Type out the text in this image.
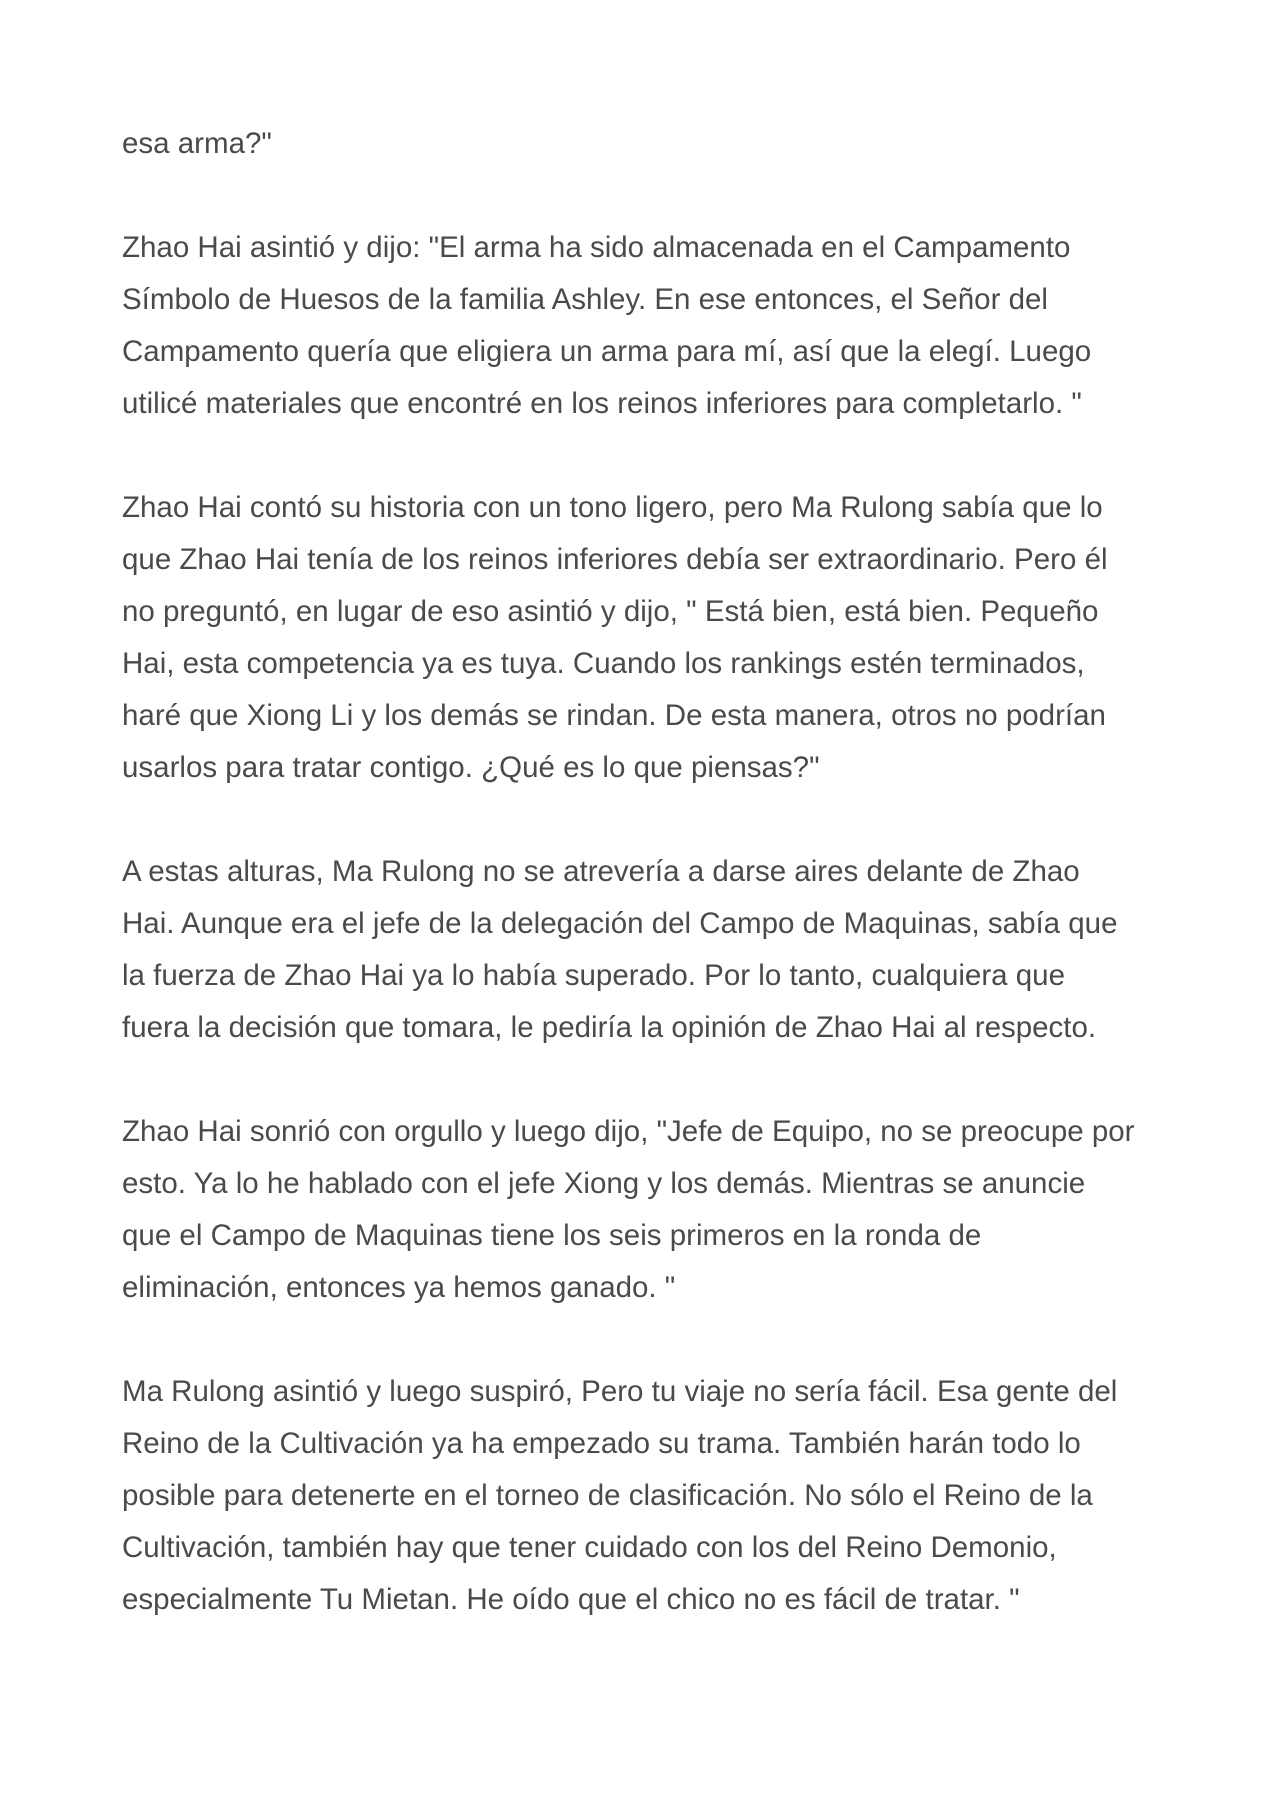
esa arma?"

Zhao Hai asintió y dijo: "El arma ha sido almacenada en el Campamento
Símbolo de Huesos de la familia Ashley. En ese entonces, el Señor del
Campamento quería que eligiera un arma para mí, así que la elegí. Luego
utilicé materiales que encontré en los reinos inferiores para completarlo. "

Zhao Hai contó su historia con un tono ligero, pero Ma Rulong sabía que lo
que Zhao Hai tenía de los reinos inferiores debía ser extraordinario. Pero él
no preguntó, en lugar de eso asintió y dijo, " Está bien, está bien. Pequeño
Hai, esta competencia ya es tuya. Cuando los rankings estén terminados,
haré que Xiong Li y los demás se rindan. De esta manera, otros no podrían
usarlos para tratar contigo. ¿Qué es lo que piensas?"

A estas alturas, Ma Rulong no se atrevería a darse aires delante de Zhao
Hai. Aunque era el jefe de la delegación del Campo de Maquinas, sabía que
la fuerza de Zhao Hai ya lo había superado. Por lo tanto, cualquiera que
fuera la decisión que tomara, le pediría la opinión de Zhao Hai al respecto.

Zhao Hai sonrió con orgullo y luego dijo, "Jefe de Equipo, no se preocupe por
esto. Ya lo he hablado con el jefe Xiong y los demás. Mientras se anuncie
que el Campo de Maquinas tiene los seis primeros en la ronda de
eliminación, entonces ya hemos ganado. "

Ma Rulong asintió y luego suspiró, Pero tu viaje no sería fácil. Esa gente del
Reino de la Cultivación ya ha empezado su trama. También harán todo lo
posible para detenerte en el torneo de clasificación. No sólo el Reino de la
Cultivación, también hay que tener cuidado con los del Reino Demonio,
especialmente Tu Mietan. He oído que el chico no es fácil de tratar. "
